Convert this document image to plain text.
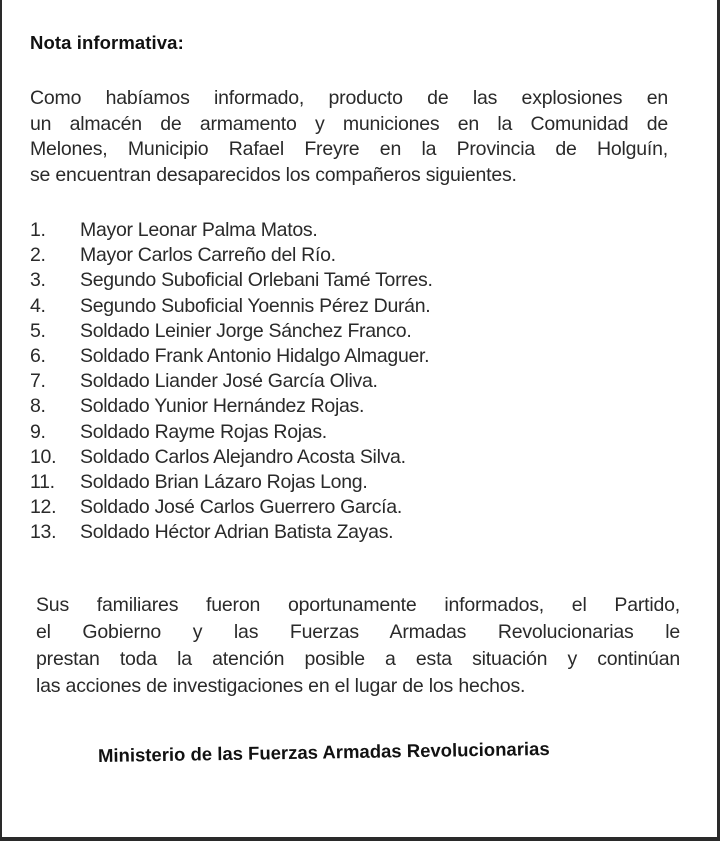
Nota informativa:
Como habíamos informado, producto de las explosiones en
un almacén de armamento y municiones en la Comunidad de
Melones, Municipio Rafael Freyre en la Provincia de Holguín,
se encuentran desaparecidos los compañeros siguientes.
1.	Mayor Leonar Palma Matos.
2.	Mayor Carlos Carreño del Río.
3.	Segundo Suboficial Orlebani Tamé Torres.
4.	Segundo Suboficial Yoennis Pérez Durán.
5.	Soldado Leinier Jorge Sánchez Franco.
6.	Soldado Frank Antonio Hidalgo Almaguer.
7.	Soldado Liander José García Oliva.
8.	Soldado Yunior Hernández Rojas.
9.	Soldado Rayme Rojas Rojas.
10.	Soldado Carlos Alejandro Acosta Silva.
11.	Soldado Brian Lázaro Rojas Long.
12.	Soldado José Carlos Guerrero García.
13.	Soldado Héctor Adrian Batista Zayas.
Sus familiares fueron oportunamente informados, el Partido,
el Gobierno y las Fuerzas Armadas Revolucionarias le
prestan toda la atención posible a esta situación y continúan
las acciones de investigaciones en el lugar de los hechos.
Ministerio de las Fuerzas Armadas Revolucionarias
